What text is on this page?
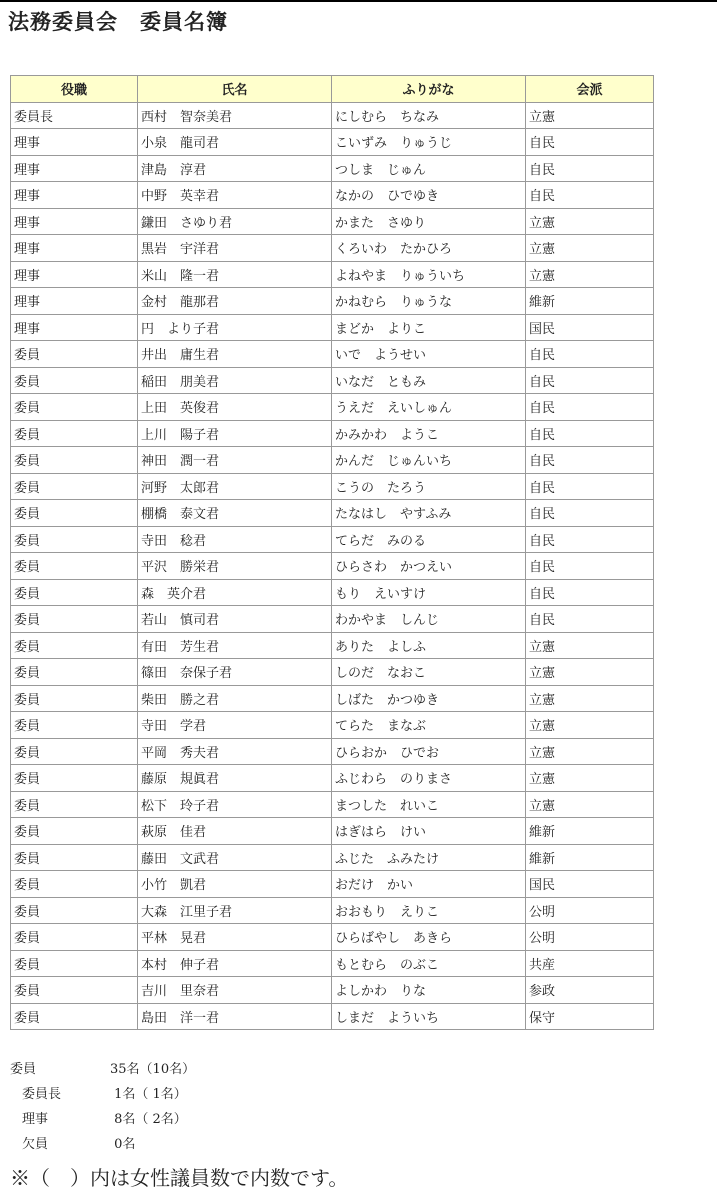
法務委員会　委員名簿
役職	氏名	ふりがな	会派
委員長	西村　智奈美君	にしむら　ちなみ	立憲
理事	小泉　龍司君	こいずみ　りゅうじ	自民
理事	津島　淳君	つしま　じゅん	自民
理事	中野　英幸君	なかの　ひでゆき	自民
理事	鎌田　さゆり君	かまた　さゆり	立憲
理事	黒岩　宇洋君	くろいわ　たかひろ	立憲
理事	米山　隆一君	よねやま　りゅういち	立憲
理事	金村　龍那君	かねむら　りゅうな	維新
理事	円　より子君	まどか　よりこ	国民
委員	井出　庸生君	いで　ようせい	自民
委員	稲田　朋美君	いなだ　ともみ	自民
委員	上田　英俊君	うえだ　えいしゅん	自民
委員	上川　陽子君	かみかわ　ようこ	自民
委員	神田　潤一君	かんだ　じゅんいち	自民
委員	河野　太郎君	こうの　たろう	自民
委員	棚橋　泰文君	たなはし　やすふみ	自民
委員	寺田　稔君	てらだ　みのる	自民
委員	平沢　勝栄君	ひらさわ　かつえい	自民
委員	森　英介君	もり　えいすけ	自民
委員	若山　慎司君	わかやま　しんじ	自民
委員	有田　芳生君	ありた　よしふ	立憲
委員	篠田　奈保子君	しのだ　なおこ	立憲
委員	柴田　勝之君	しばた　かつゆき	立憲
委員	寺田　学君	てらた　まなぶ	立憲
委員	平岡　秀夫君	ひらおか　ひでお	立憲
委員	藤原　規眞君	ふじわら　のりまさ	立憲
委員	松下　玲子君	まつした　れいこ	立憲
委員	萩原　佳君	はぎはら　けい	維新
委員	藤田　文武君	ふじた　ふみたけ	維新
委員	小竹　凱君	おだけ　かい	国民
委員	大森　江里子君	おおもり　えりこ	公明
委員	平林　晃君	ひらばやし　あきら	公明
委員	本村　伸子君	もとむら　のぶこ	共産
委員	吉川　里奈君	よしかわ　りな	参政
委員	島田　洋一君	しまだ　よういち	保守
委員	35名（10名）
委員長	1名（ 1名）
理事	8名（ 2名）
欠員	0名
※（　）内は女性議員数で内数です。
